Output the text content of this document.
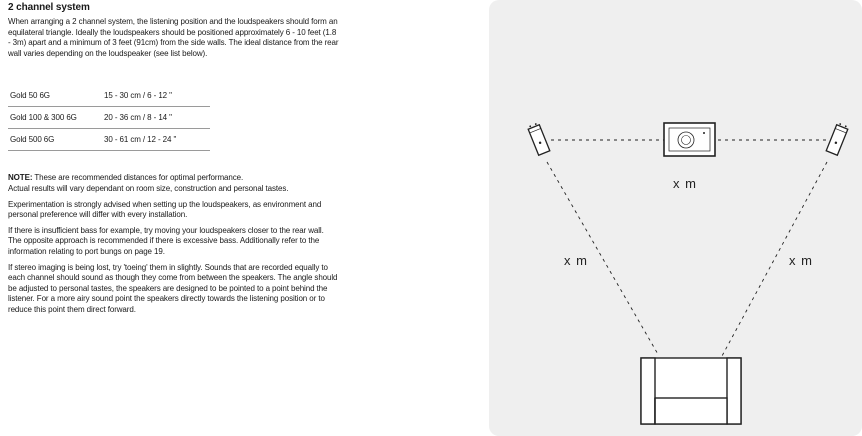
2 channel system
When arranging a 2 channel system, the listening position and the loudspeakers should form an
equilateral triangle. Ideally the loudspeakers should be positioned approximately 6 - 10 feet (1.8
- 3m) apart and a minimum of 3 feet (91cm) from the side walls. The ideal distance from the rear
wall varies depending on the loudspeaker (see list below).
Gold 50 6G	15 - 30 cm / 6 - 12 "
Gold 100 & 300 6G	20 - 36 cm / 8 - 14 "
Gold 500 6G	30 - 61 cm / 12 - 24 "
NOTE: These are recommended distances for optimal performance.
Actual results will vary dependant on room size, construction and personal tastes.
Experimentation is strongly advised when setting up the loudspeakers, as environment and
personal preference will differ with every installation.
If there is insufficient bass for example, try moving your loudspeakers closer to the rear wall.
The opposite approach is recommended if there is excessive bass. Additionally refer to the
information relating to port bungs on page 19.
If stereo imaging is being lost, try 'toeing' them in slightly. Sounds that are recorded equally to
each channel should sound as though they come from between the speakers. The angle should
be adjusted to personal tastes, the speakers are designed to be pointed to a point behind the
listener. For a more airy sound point the speakers directly towards the listening position or to
reduce this point them direct forward.
x m
x m	x m
